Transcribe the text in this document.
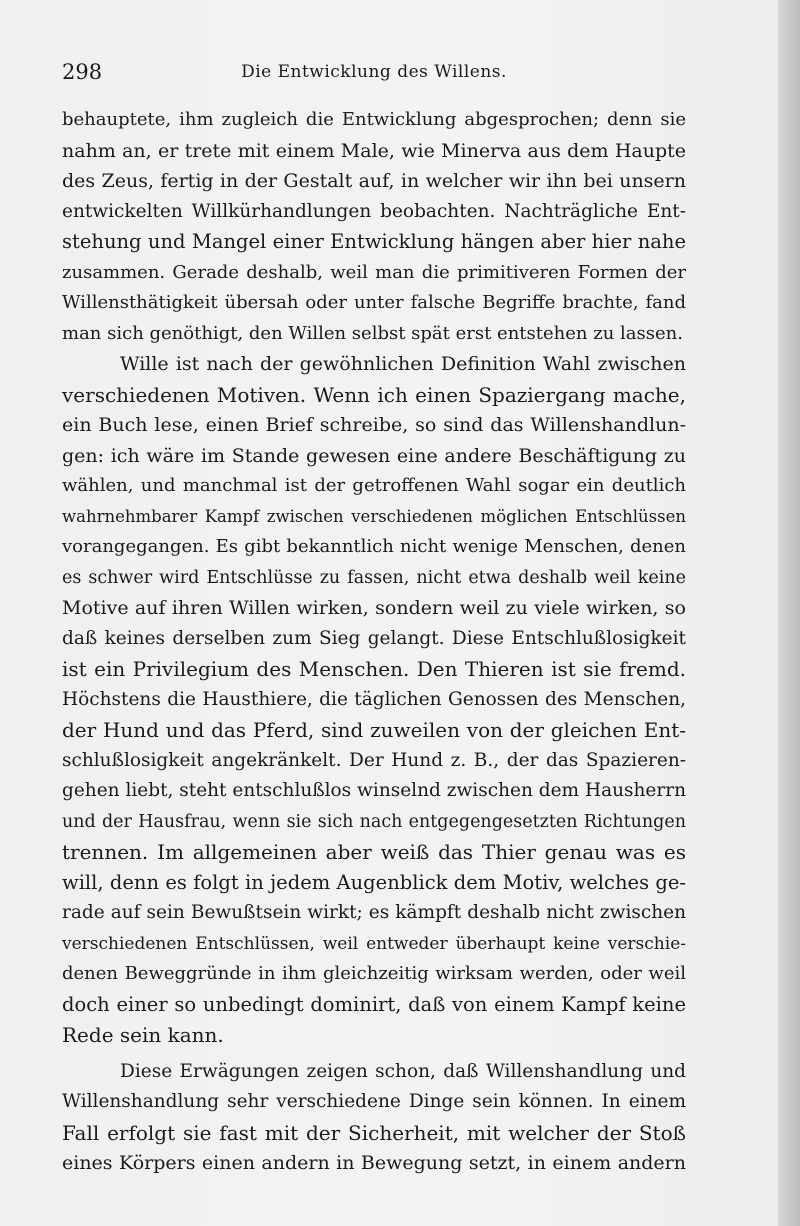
298	Die Entwicklung des Willens.
behauptete, ihm zugleich die Entwicklung abgesprochen; denn sie
nahm an, er trete mit einem Male, wie Minerva aus dem Haupte
des Zeus, fertig in der Gestalt auf, in welcher wir ihn bei unsern
entwickelten Willkürhandlungen beobachten. Nachträgliche Ent-
stehung und Mangel einer Entwicklung hängen aber hier nahe
zusammen. Gerade deshalb, weil man die primitiveren Formen der
Willensthätigkeit übersah oder unter falsche Begriffe brachte, fand
man sich genöthigt, den Willen selbst spät erst entstehen zu lassen.
Wille ist nach der gewöhnlichen Definition Wahl zwischen
verschiedenen Motiven. Wenn ich einen Spaziergang mache,
ein Buch lese, einen Brief schreibe, so sind das Willenshandlun-
gen: ich wäre im Stande gewesen eine andere Beschäftigung zu
wählen, und manchmal ist der getroffenen Wahl sogar ein deutlich
wahrnehmbarer Kampf zwischen verschiedenen möglichen Entschlüssen
vorangegangen. Es gibt bekanntlich nicht wenige Menschen, denen
es schwer wird Entschlüsse zu fassen, nicht etwa deshalb weil keine
Motive auf ihren Willen wirken, sondern weil zu viele wirken, so
daß keines derselben zum Sieg gelangt. Diese Entschlußlosigkeit
ist ein Privilegium des Menschen. Den Thieren ist sie fremd.
Höchstens die Hausthiere, die täglichen Genossen des Menschen,
der Hund und das Pferd, sind zuweilen von der gleichen Ent-
schlußlosigkeit angekränkelt. Der Hund z. B., der das Spazieren-
gehen liebt, steht entschlußlos winselnd zwischen dem Hausherrn
und der Hausfrau, wenn sie sich nach entgegengesetzten Richtungen
trennen. Im allgemeinen aber weiß das Thier genau was es
will, denn es folgt in jedem Augenblick dem Motiv, welches ge-
rade auf sein Bewußtsein wirkt; es kämpft deshalb nicht zwischen
verschiedenen Entschlüssen, weil entweder überhaupt keine verschie-
denen Beweggründe in ihm gleichzeitig wirksam werden, oder weil
doch einer so unbedingt dominirt, daß von einem Kampf keine
Rede sein kann.
Diese Erwägungen zeigen schon, daß Willenshandlung und
Willenshandlung sehr verschiedene Dinge sein können. In einem
Fall erfolgt sie fast mit der Sicherheit, mit welcher der Stoß
eines Körpers einen andern in Bewegung setzt, in einem andern
